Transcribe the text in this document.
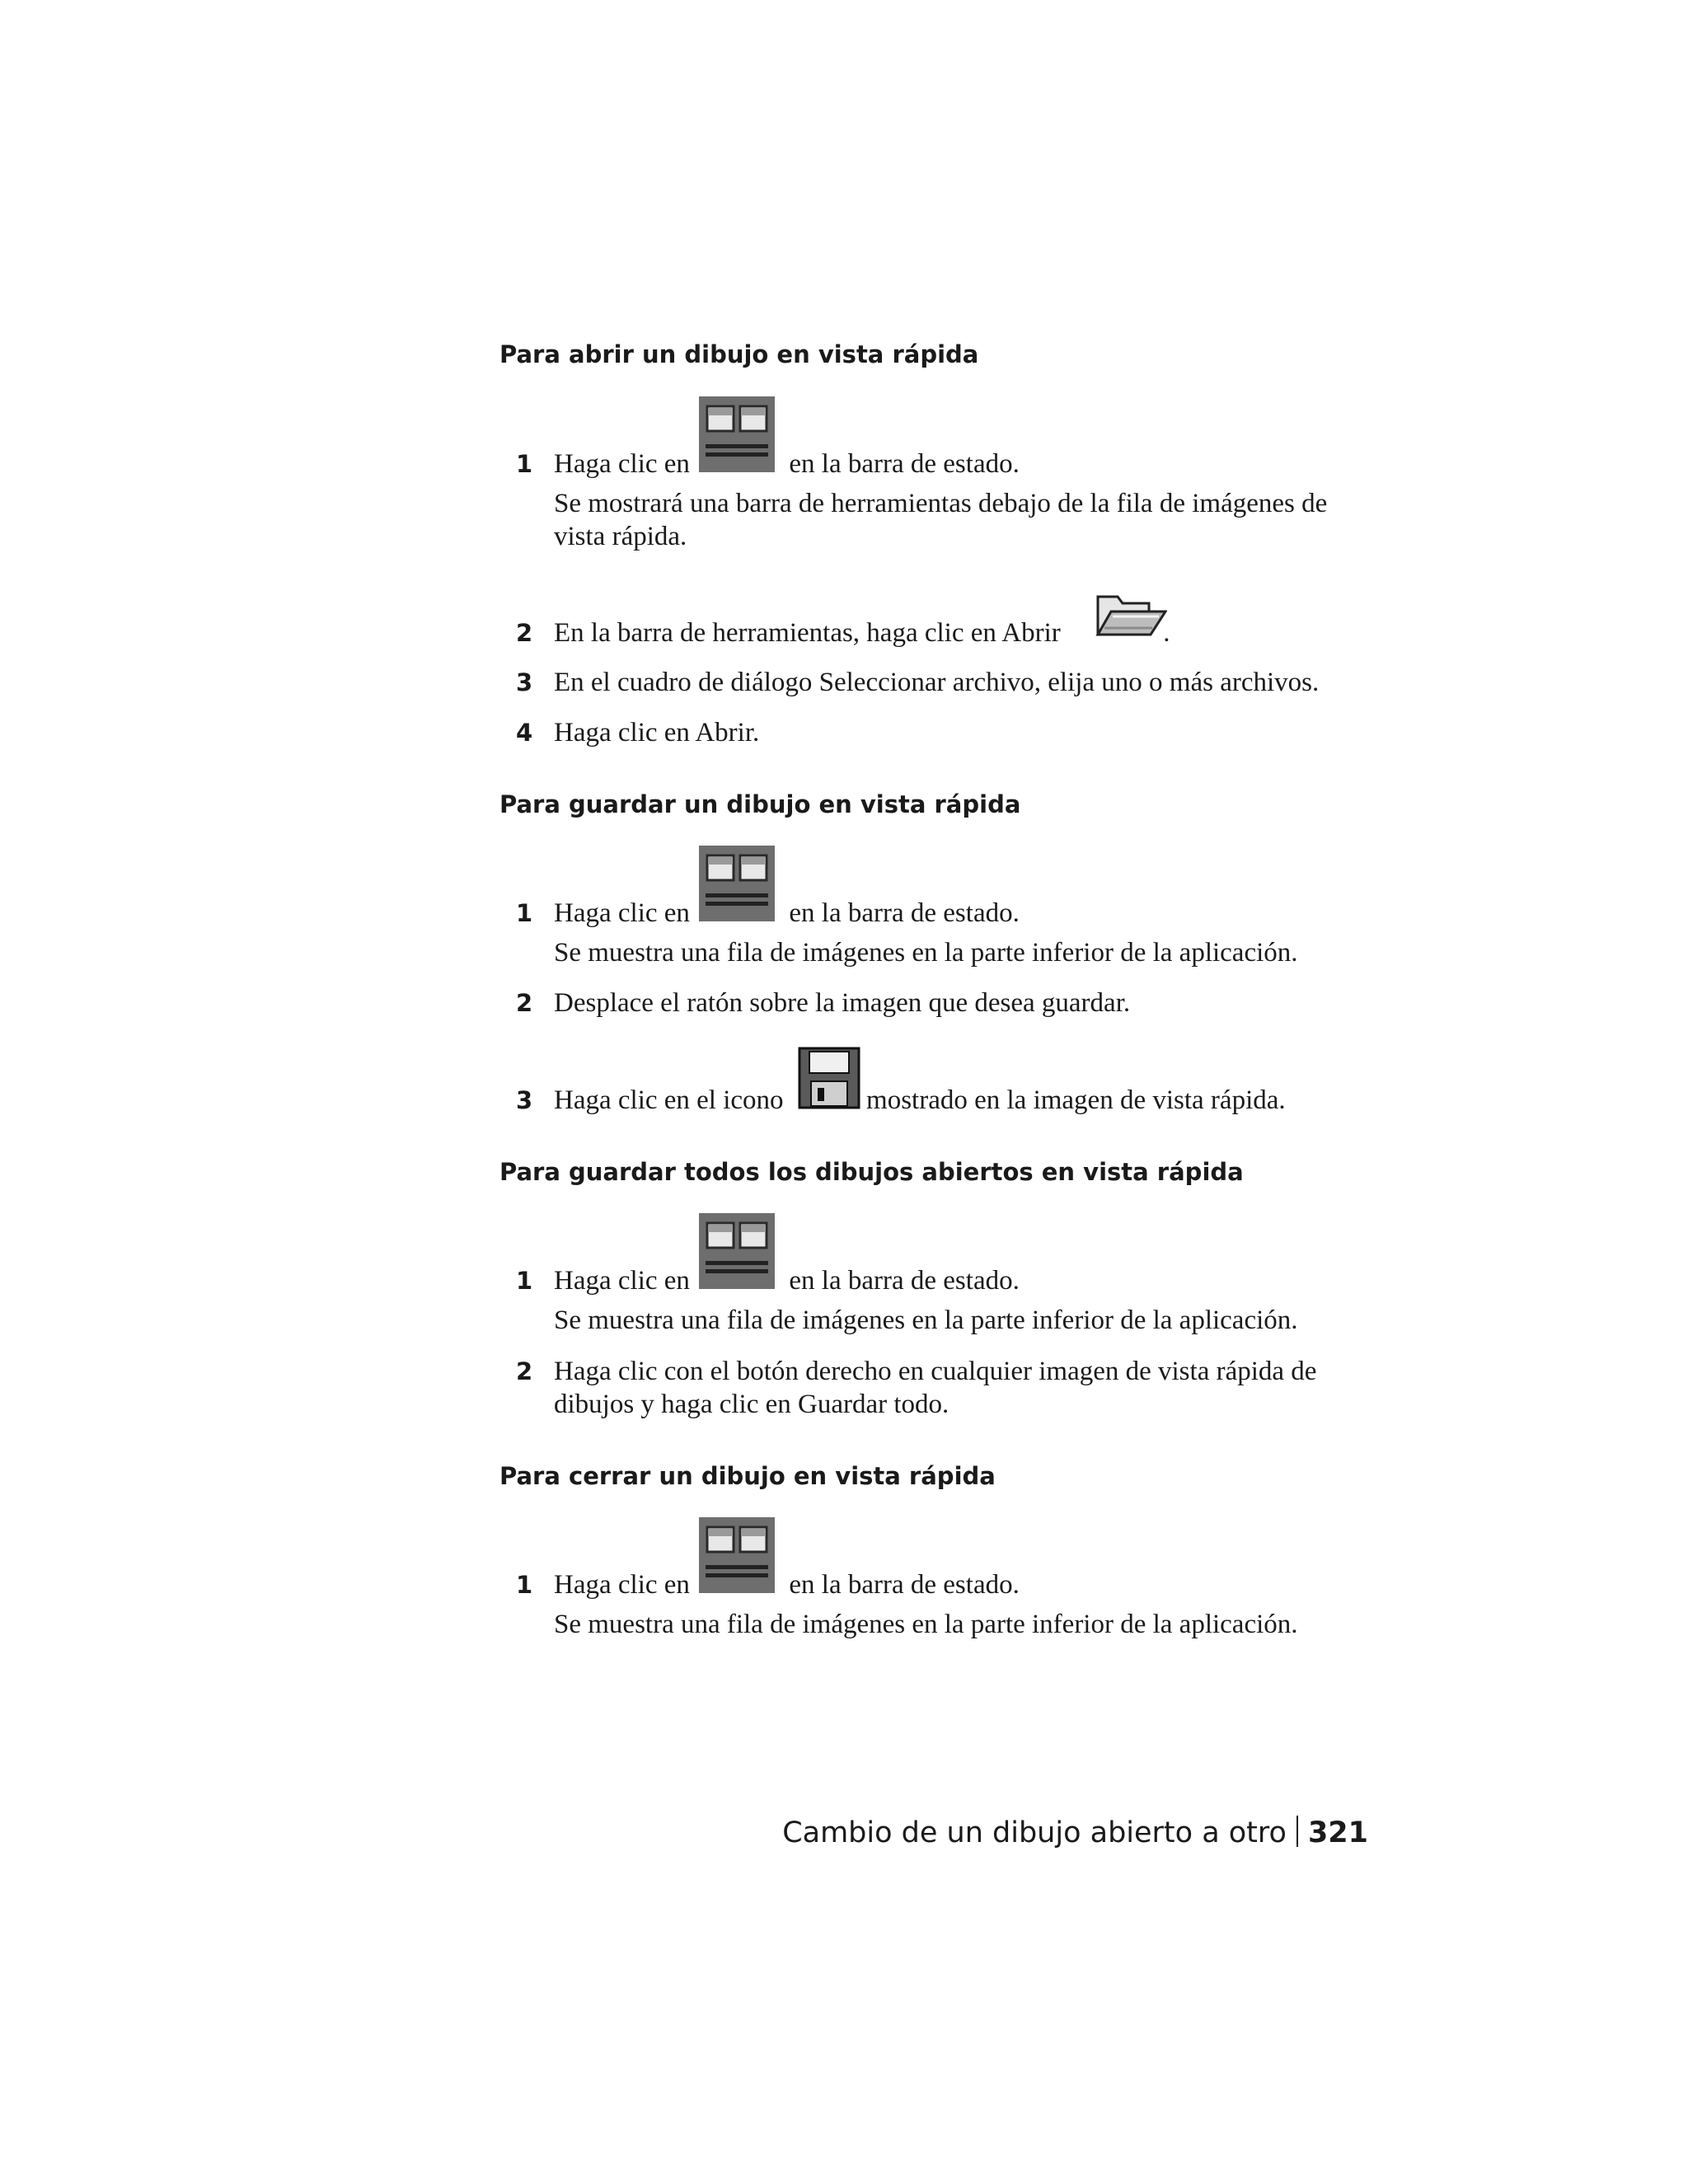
Para abrir un dibujo en vista rápida
1 Haga clic en	en la barra de estado.
Se mostrará una barra de herramientas debajo de la fila de imágenes de vista rápida.
2 En la barra de herramientas, haga clic en Abrir	.
3 En el cuadro de diálogo Seleccionar archivo, elija uno o más archivos.
4 Haga clic en Abrir.
Para guardar un dibujo en vista rápida
1 Haga clic en	en la barra de estado.
Se muestra una fila de imágenes en la parte inferior de la aplicación.
2 Desplace el ratón sobre la imagen que desea guardar.
3 Haga clic en el icono	mostrado en la imagen de vista rápida.
Para guardar todos los dibujos abiertos en vista rápida
1 Haga clic en	en la barra de estado.
Se muestra una fila de imágenes en la parte inferior de la aplicación.
2 Haga clic con el botón derecho en cualquier imagen de vista rápida de dibujos y haga clic en Guardar todo.
Para cerrar un dibujo en vista rápida
1 Haga clic en	en la barra de estado.
Se muestra una fila de imágenes en la parte inferior de la aplicación.
Cambio de un dibujo abierto a otro 321
